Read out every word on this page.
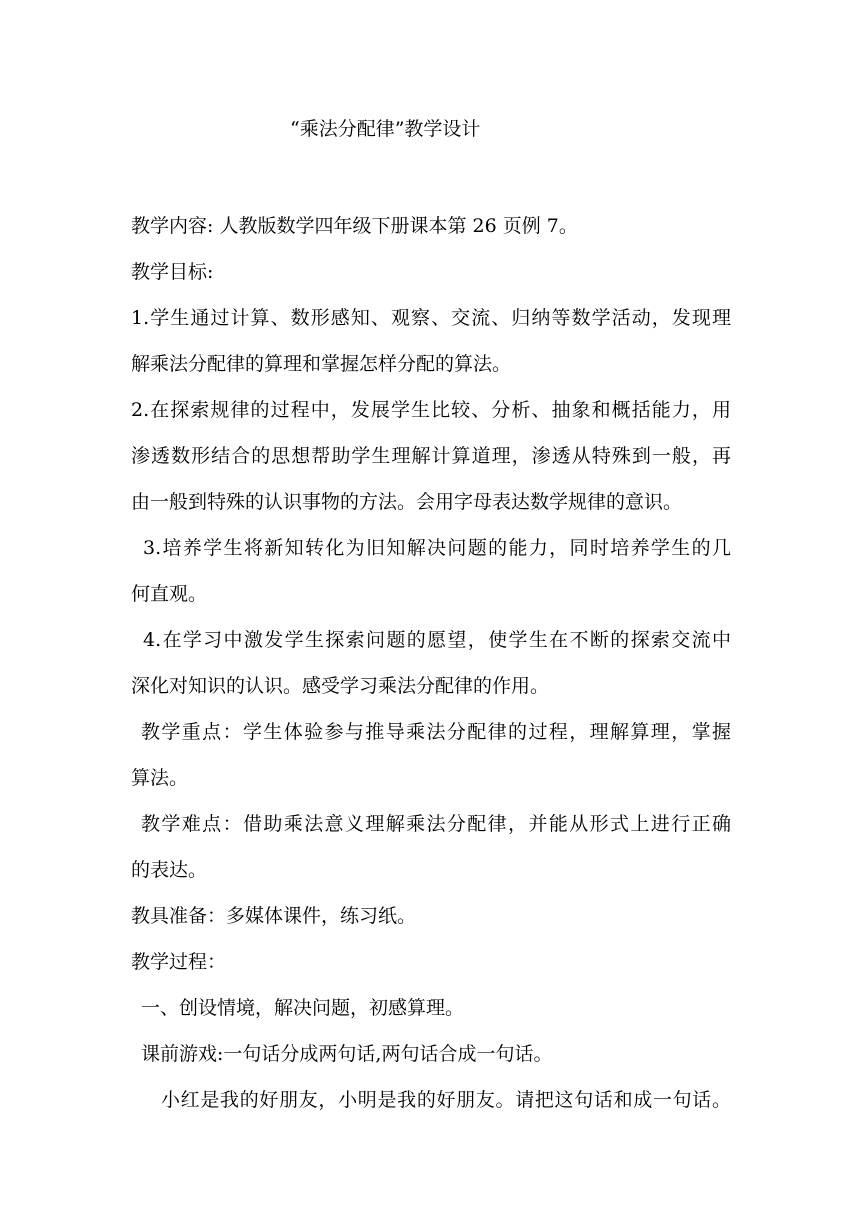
“乘法分配律”教学设计
教学内容: 人教版数学四年级下册课本第 26 页例 7。
教学目标:
1.学生通过计算、数形感知、观察、交流、归纳等数学活动，发现理
解乘法分配律的算理和掌握怎样分配的算法。
2.在探索规律的过程中，发展学生比较、分析、抽象和概括能力，用
渗透数形结合的思想帮助学生理解计算道理，渗透从特殊到一般，再
由一般到特殊的认识事物的方法。会用字母表达数学规律的意识。
3.培养学生将新知转化为旧知解决问题的能力，同时培养学生的几
何直观。
4.在学习中激发学生探索问题的愿望，使学生在不断的探索交流中
深化对知识的认识。感受学习乘法分配律的作用。
教学重点：学生体验参与推导乘法分配律的过程，理解算理，掌握
算法。
教学难点：借助乘法意义理解乘法分配律，并能从形式上进行正确
的表达。
教具准备：多媒体课件，练习纸。
教学过程：
一、创设情境，解决问题，初感算理。
课前游戏:一句话分成两句话,两句话合成一句话。
小红是我的好朋友，小明是我的好朋友。请把这句话和成一句话。
